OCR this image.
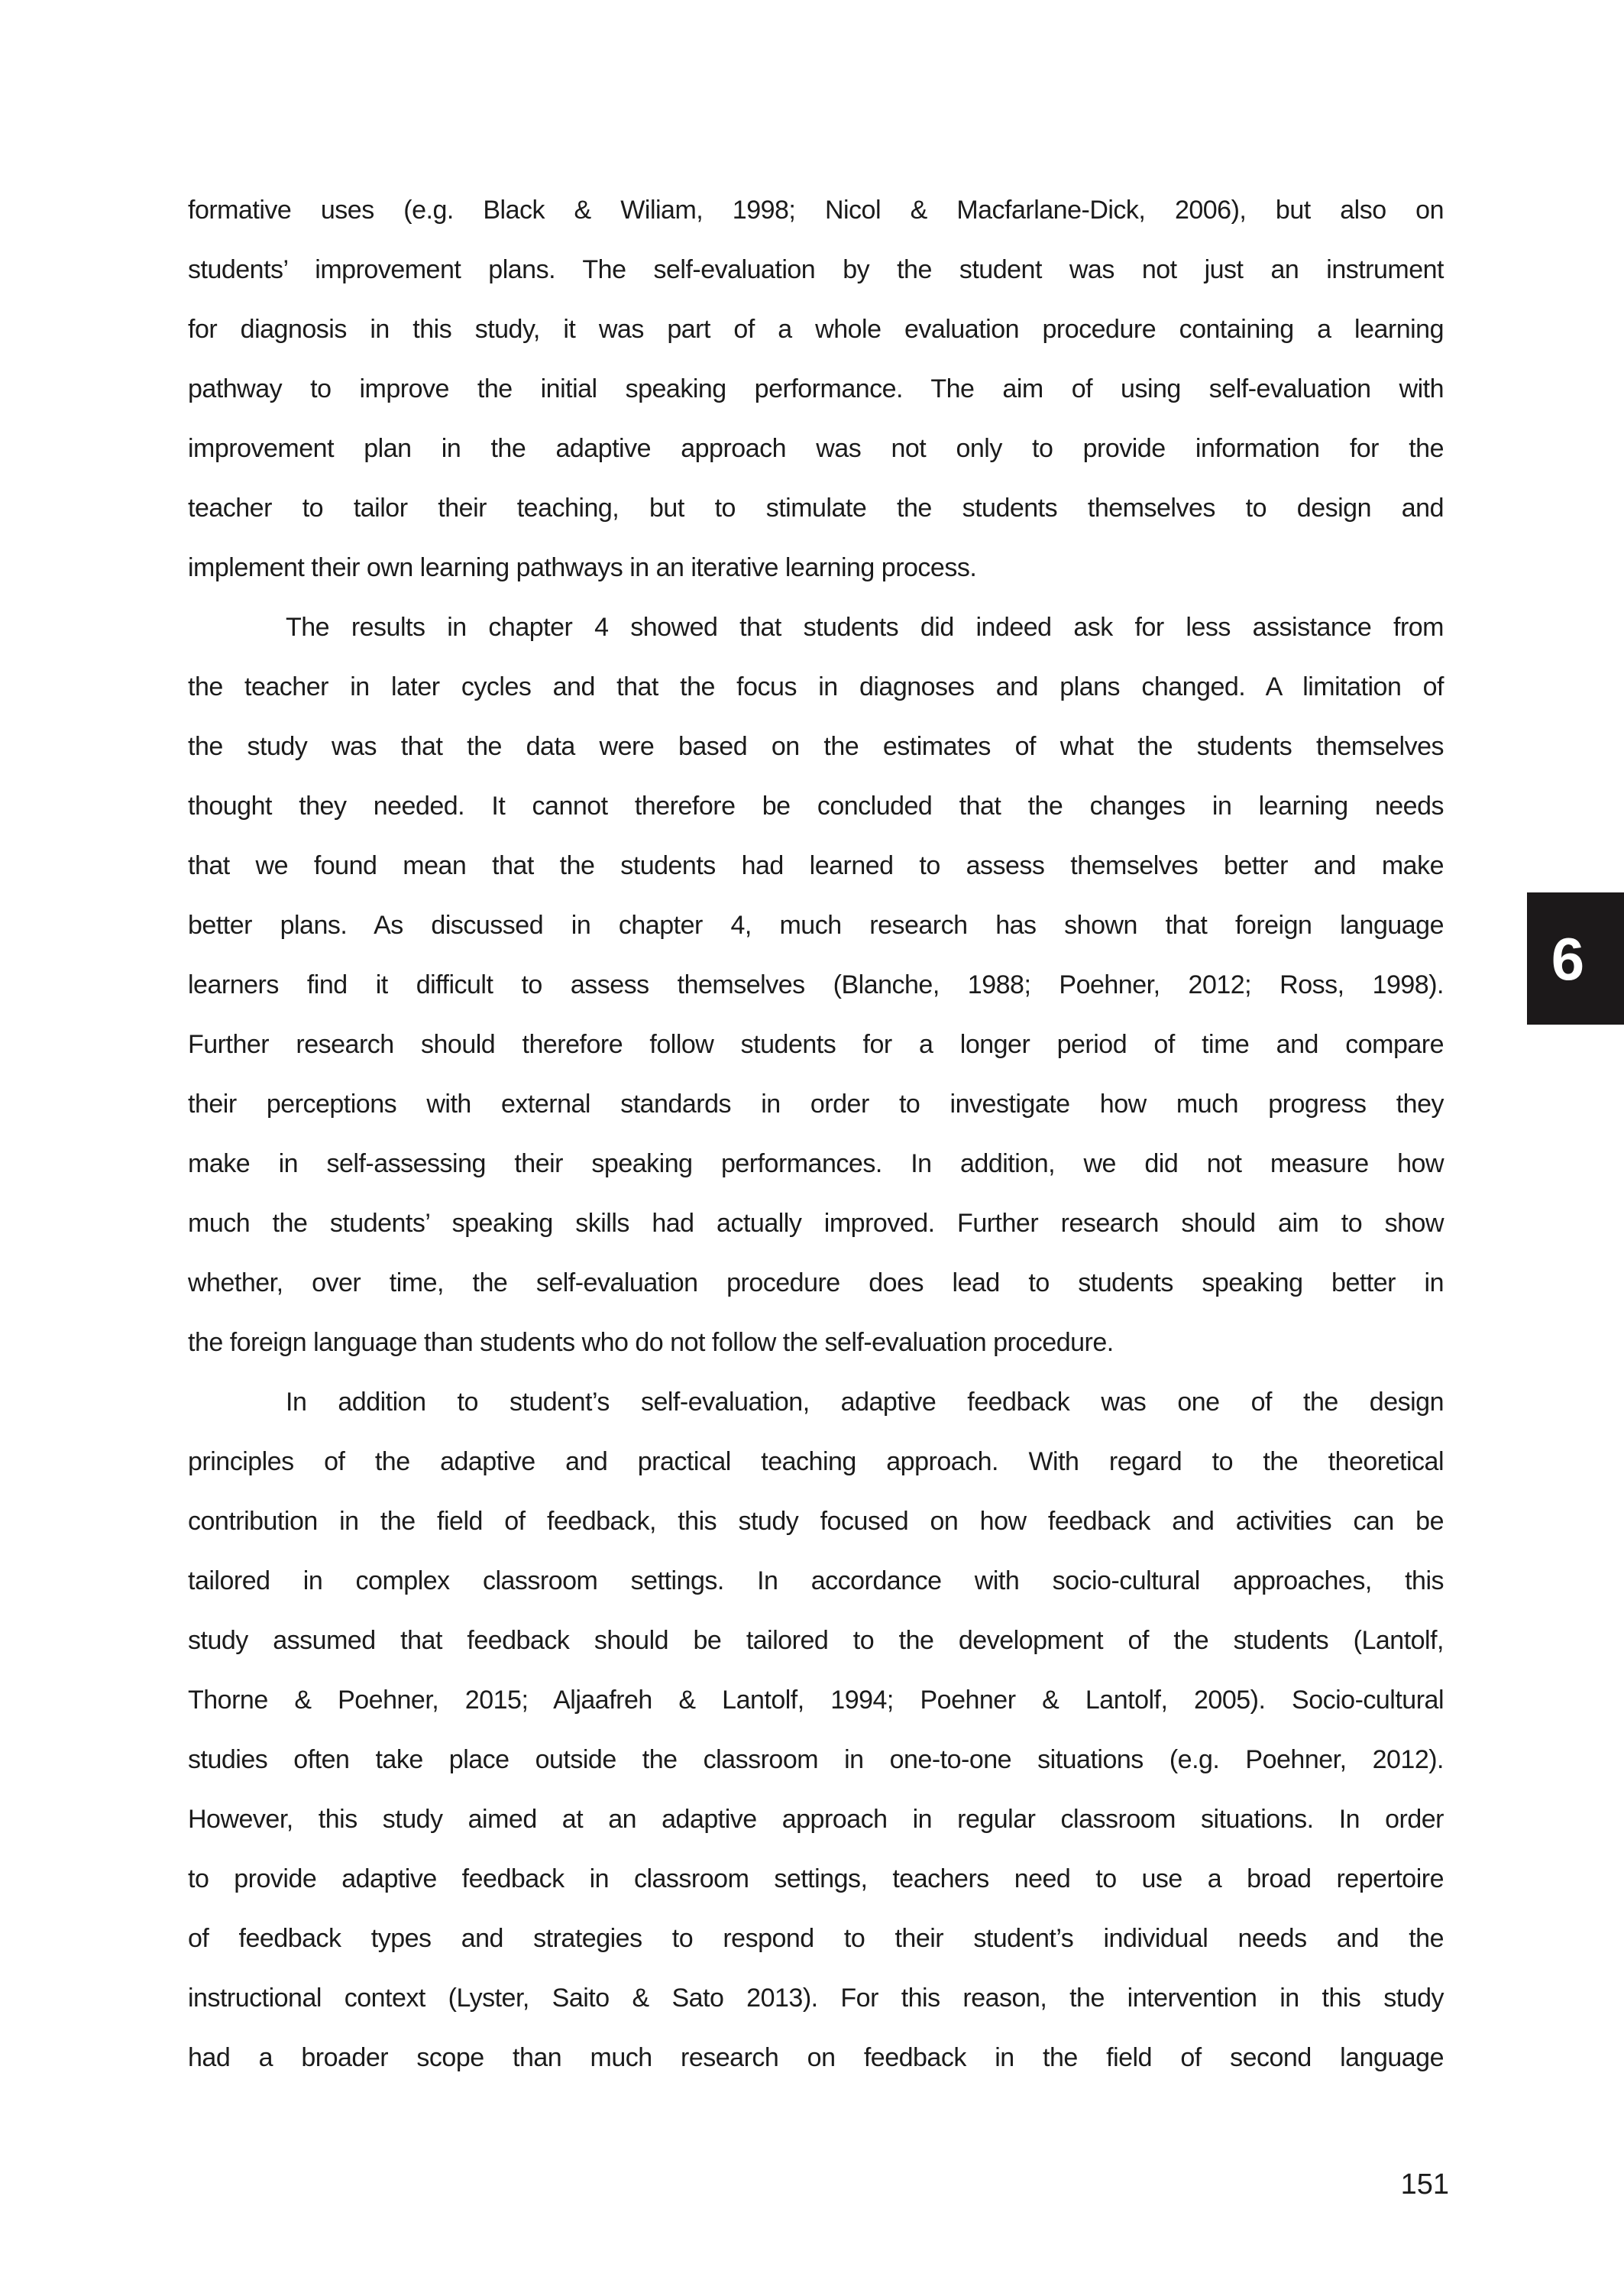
formative uses (e.g. Black & Wiliam, 1998; Nicol & Macfarlane-Dick, 2006), but also on
students’ improvement plans. The self-evaluation by the student was not just an instrument
for diagnosis in this study, it was part of a whole evaluation procedure containing a learning
pathway to improve the initial speaking performance. The aim of using self-evaluation with
improvement plan in the adaptive approach was not only to provide information for the
teacher to tailor their teaching, but to stimulate the students themselves to design and
implement their own learning pathways in an iterative learning process.

The results in chapter 4 showed that students did indeed ask for less assistance from
the teacher in later cycles and that the focus in diagnoses and plans changed. A limitation of
the study was that the data were based on the estimates of what the students themselves
thought they needed. It cannot therefore be concluded that the changes in learning needs
that we found mean that the students had learned to assess themselves better and make
better plans. As discussed in chapter 4, much research has shown that foreign language
learners find it difficult to assess themselves (Blanche, 1988; Poehner, 2012; Ross, 1998).
Further research should therefore follow students for a longer period of time and compare
their perceptions with external standards in order to investigate how much progress they
make in self-assessing their speaking performances. In addition, we did not measure how
much the students’ speaking skills had actually improved. Further research should aim to show
whether, over time, the self-evaluation procedure does lead to students speaking better in
the foreign language than students who do not follow the self-evaluation procedure.

In addition to student’s self-evaluation, adaptive feedback was one of the design
principles of the adaptive and practical teaching approach. With regard to the theoretical
contribution in the field of feedback, this study focused on how feedback and activities can be
tailored in complex classroom settings. In accordance with socio-cultural approaches, this
study assumed that feedback should be tailored to the development of the students (Lantolf,
Thorne & Poehner, 2015; Aljaafreh & Lantolf, 1994; Poehner & Lantolf, 2005). Socio-cultural
studies often take place outside the classroom in one-to-one situations (e.g. Poehner, 2012).
However, this study aimed at an adaptive approach in regular classroom situations. In order
to provide adaptive feedback in classroom settings, teachers need to use a broad repertoire
of feedback types and strategies to respond to their student’s individual needs and the
instructional context (Lyster, Saito & Sato 2013). For this reason, the intervention in this study
had a broader scope than much research on feedback in the field of second language

6
151
